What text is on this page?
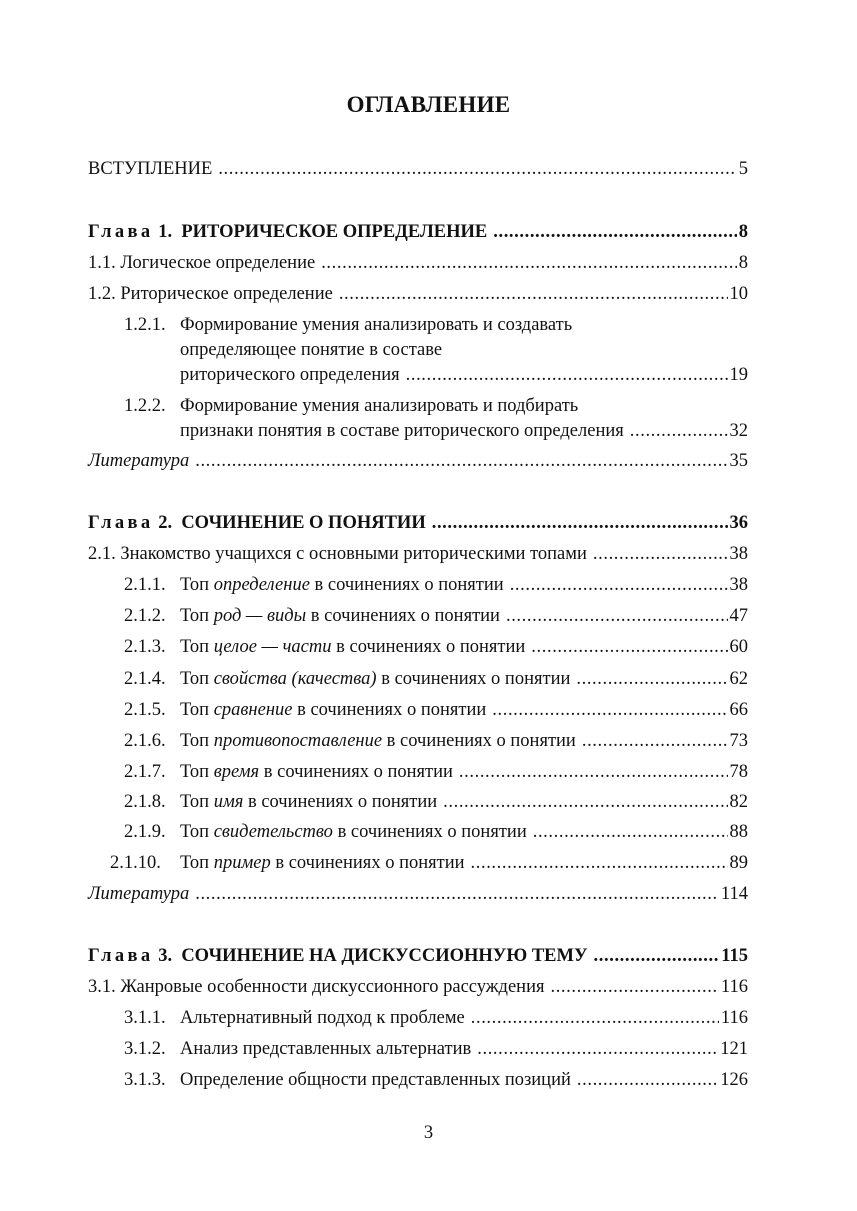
ОГЛАВЛЕНИЕ
ВСТУПЛЕНИЕ .....	5
Глава 1. РИТОРИЧЕСКОЕ ОПРЕДЕЛЕНИЕ .....	8
1.1. Логическое определение .....	8
1.2. Риторическое определение .....	10
1.2.1. Формирование умения анализировать и создавать
определяющее понятие в составе
риторического определения .....	19
1.2.2. Формирование умения анализировать и подбирать
признаки понятия в составе риторического определения .....	32
Литература .....	35
Глава 2. СОЧИНЕНИЕ О ПОНЯТИИ .....	36
2.1. Знакомство учащихся с основными риторическими топами .....	38
2.1.1. Топ определение в сочинениях о понятии .....	38
2.1.2. Топ род — виды в сочинениях о понятии .....	47
2.1.3. Топ целое — части в сочинениях о понятии .....	60
2.1.4. Топ свойства (качества) в сочинениях о понятии .....	62
2.1.5. Топ сравнение в сочинениях о понятии .....	66
2.1.6. Топ противопоставление в сочинениях о понятии .....	73
2.1.7. Топ время в сочинениях о понятии .....	78
2.1.8. Топ имя в сочинениях о понятии .....	82
2.1.9. Топ свидетельство в сочинениях о понятии .....	88
2.1.10. Топ пример в сочинениях о понятии .....	89
Литература .....	114
Глава 3. СОЧИНЕНИЕ НА ДИСКУССИОННУЮ ТЕМУ .....	115
3.1. Жанровые особенности дискуссионного рассуждения .....	116
3.1.1. Альтернативный подход к проблеме .....	116
3.1.2. Анализ представленных альтернатив .....	121
3.1.3. Определение общности представленных позиций .....	126
3
